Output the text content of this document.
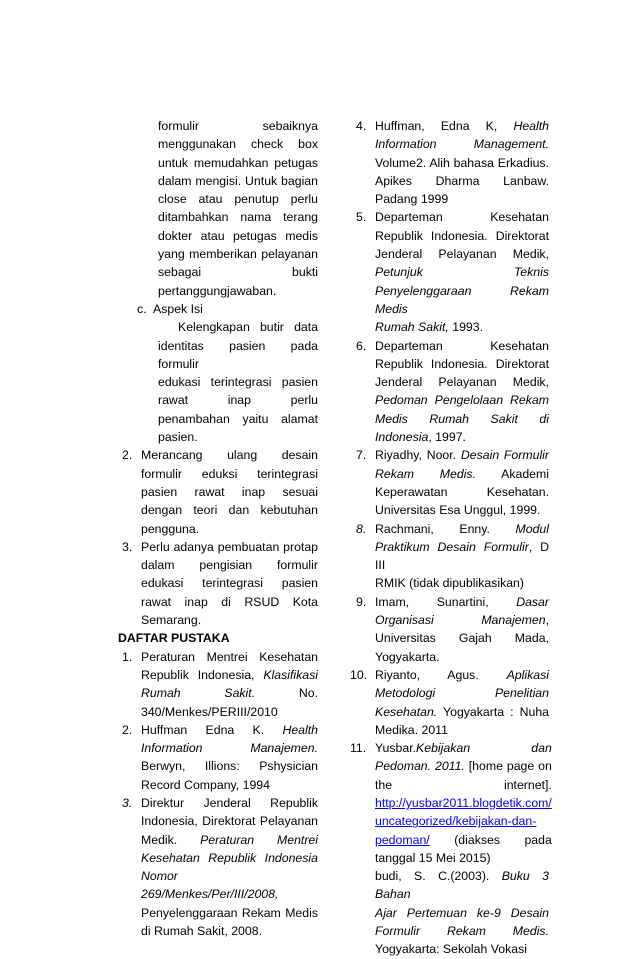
formulir sebaiknya
menggunakan check box
untuk memudahkan petugas
dalam mengisi. Untuk bagian
close atau penutup perlu
ditambahkan nama terang
dokter atau petugas medis
yang memberikan pelayanan
sebagai bukti
pertanggungjawaban.
c. Aspek Isi
Kelengkapan butir data
identitas pasien pada formulir
edukasi terintegrasi pasien
rawat inap perlu
penambahan yaitu alamat
pasien.
2. Merancang ulang desain
formulir eduksi terintegrasi
pasien rawat inap sesuai
dengan teori dan kebutuhan
pengguna.
3. Perlu adanya pembuatan protap
dalam pengisian formulir
edukasi terintegrasi pasien
rawat inap di RSUD Kota
Semarang.
DAFTAR PUSTAKA
1. Peraturan Mentrei Kesehatan
Republik Indonesia, Klasifikasi
Rumah Sakit. No.
340/Menkes/PERIII/2010
2. Huffman Edna K. Health
Information Manajemen.
Berwyn, Illions: Pshysician
Record Company, 1994
3. Direktur Jenderal Republik
Indonesia, Direktorat Pelayanan
Medik. Peraturan Mentrei
Kesehatan Republik Indonesia
Nomor 269/Menkes/Per/III/2008,
Penyelenggaraan Rekam Medis
di Rumah Sakit, 2008.
4. Huffman, Edna K, Health
Information Management.
Volume2. Alih bahasa Erkadius.
Apikes Dharma Lanbaw.
Padang 1999
5. Departeman Kesehatan
Republik Indonesia. Direktorat
Jenderal Pelayanan Medik,
Petunjuk Teknis
Penyelenggaraan Rekam Medis
Rumah Sakit, 1993.
6. Departeman Kesehatan
Republik Indonesia. Direktorat
Jenderal Pelayanan Medik,
Pedoman Pengelolaan Rekam
Medis Rumah Sakit di
Indonesia, 1997.
7. Riyadhy, Noor. Desain Formulir
Rekam Medis. Akademi
Keperawatan Kesehatan.
Universitas Esa Unggul, 1999.
8. Rachmani, Enny. Modul
Praktikum Desain Formulir, D III
RMIK (tidak dipublikasikan)
9. Imam, Sunartini, Dasar
Organisasi Manajemen,
Universitas Gajah Mada,
Yogyakarta.
10. Riyanto, Agus. Aplikasi
Metodologi Penelitian
Kesehatan. Yogyakarta : Nuha
Medika. 2011
11. Yusbar.Kebijakan dan
Pedoman. 2011. [home page on
the internet].
http://yusbar2011.blogdetik.com/
uncategorized/kebijakan-dan-
pedoman/ (diakses pada
tanggal 15 Mei 2015)
budi, S. C.(2003). Buku 3 Bahan
Ajar Pertemuan ke-9 Desain
Formulir Rekam Medis.
Yogyakarta: Sekolah Vokasi
